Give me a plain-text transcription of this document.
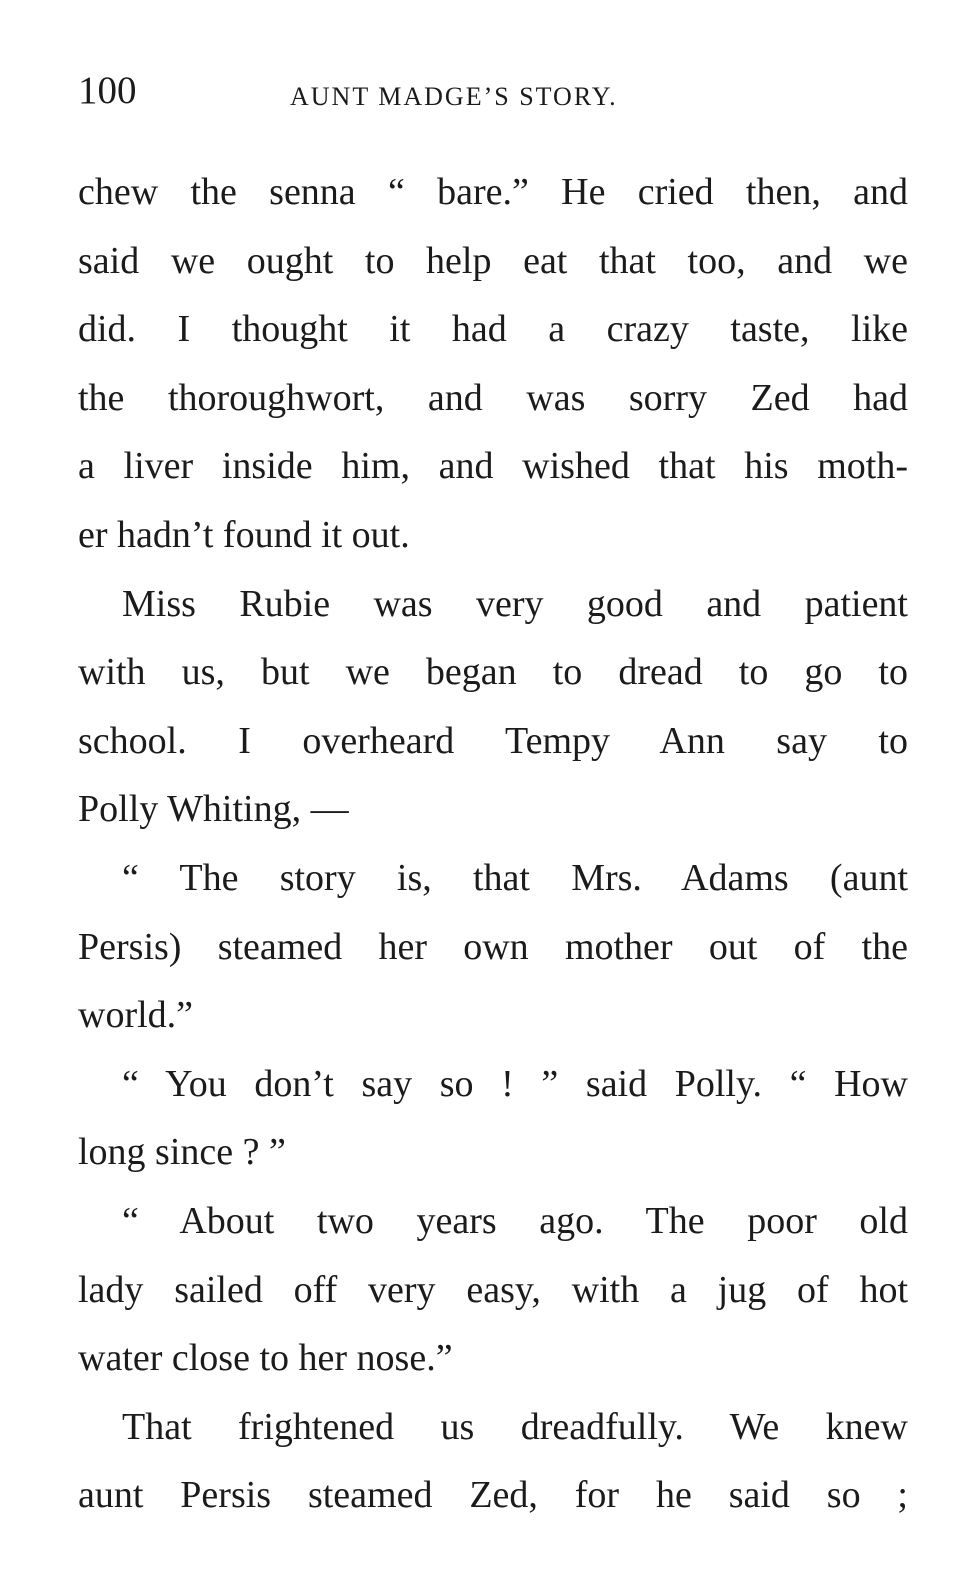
100	AUNT MADGE’S STORY.
chew the senna “ bare.” He cried then, and
said we ought to help eat that too, and we
did. I thought it had a crazy taste, like
the thoroughwort, and was sorry Zed had
a liver inside him, and wished that his moth-
er hadn’t found it out.
Miss Rubie was very good and patient
with us, but we began to dread to go to
school. I overheard Tempy Ann say to
Polly Whiting, —
“ The story is, that Mrs. Adams (aunt
Persis) steamed her own mother out of the
world.”
“ You don’t say so ! ” said Polly. “ How
long since ? ”
“ About two years ago. The poor old
lady sailed off very easy, with a jug of hot
water close to her nose.”
That frightened us dreadfully. We knew
aunt Persis steamed Zed, for he said so ;
